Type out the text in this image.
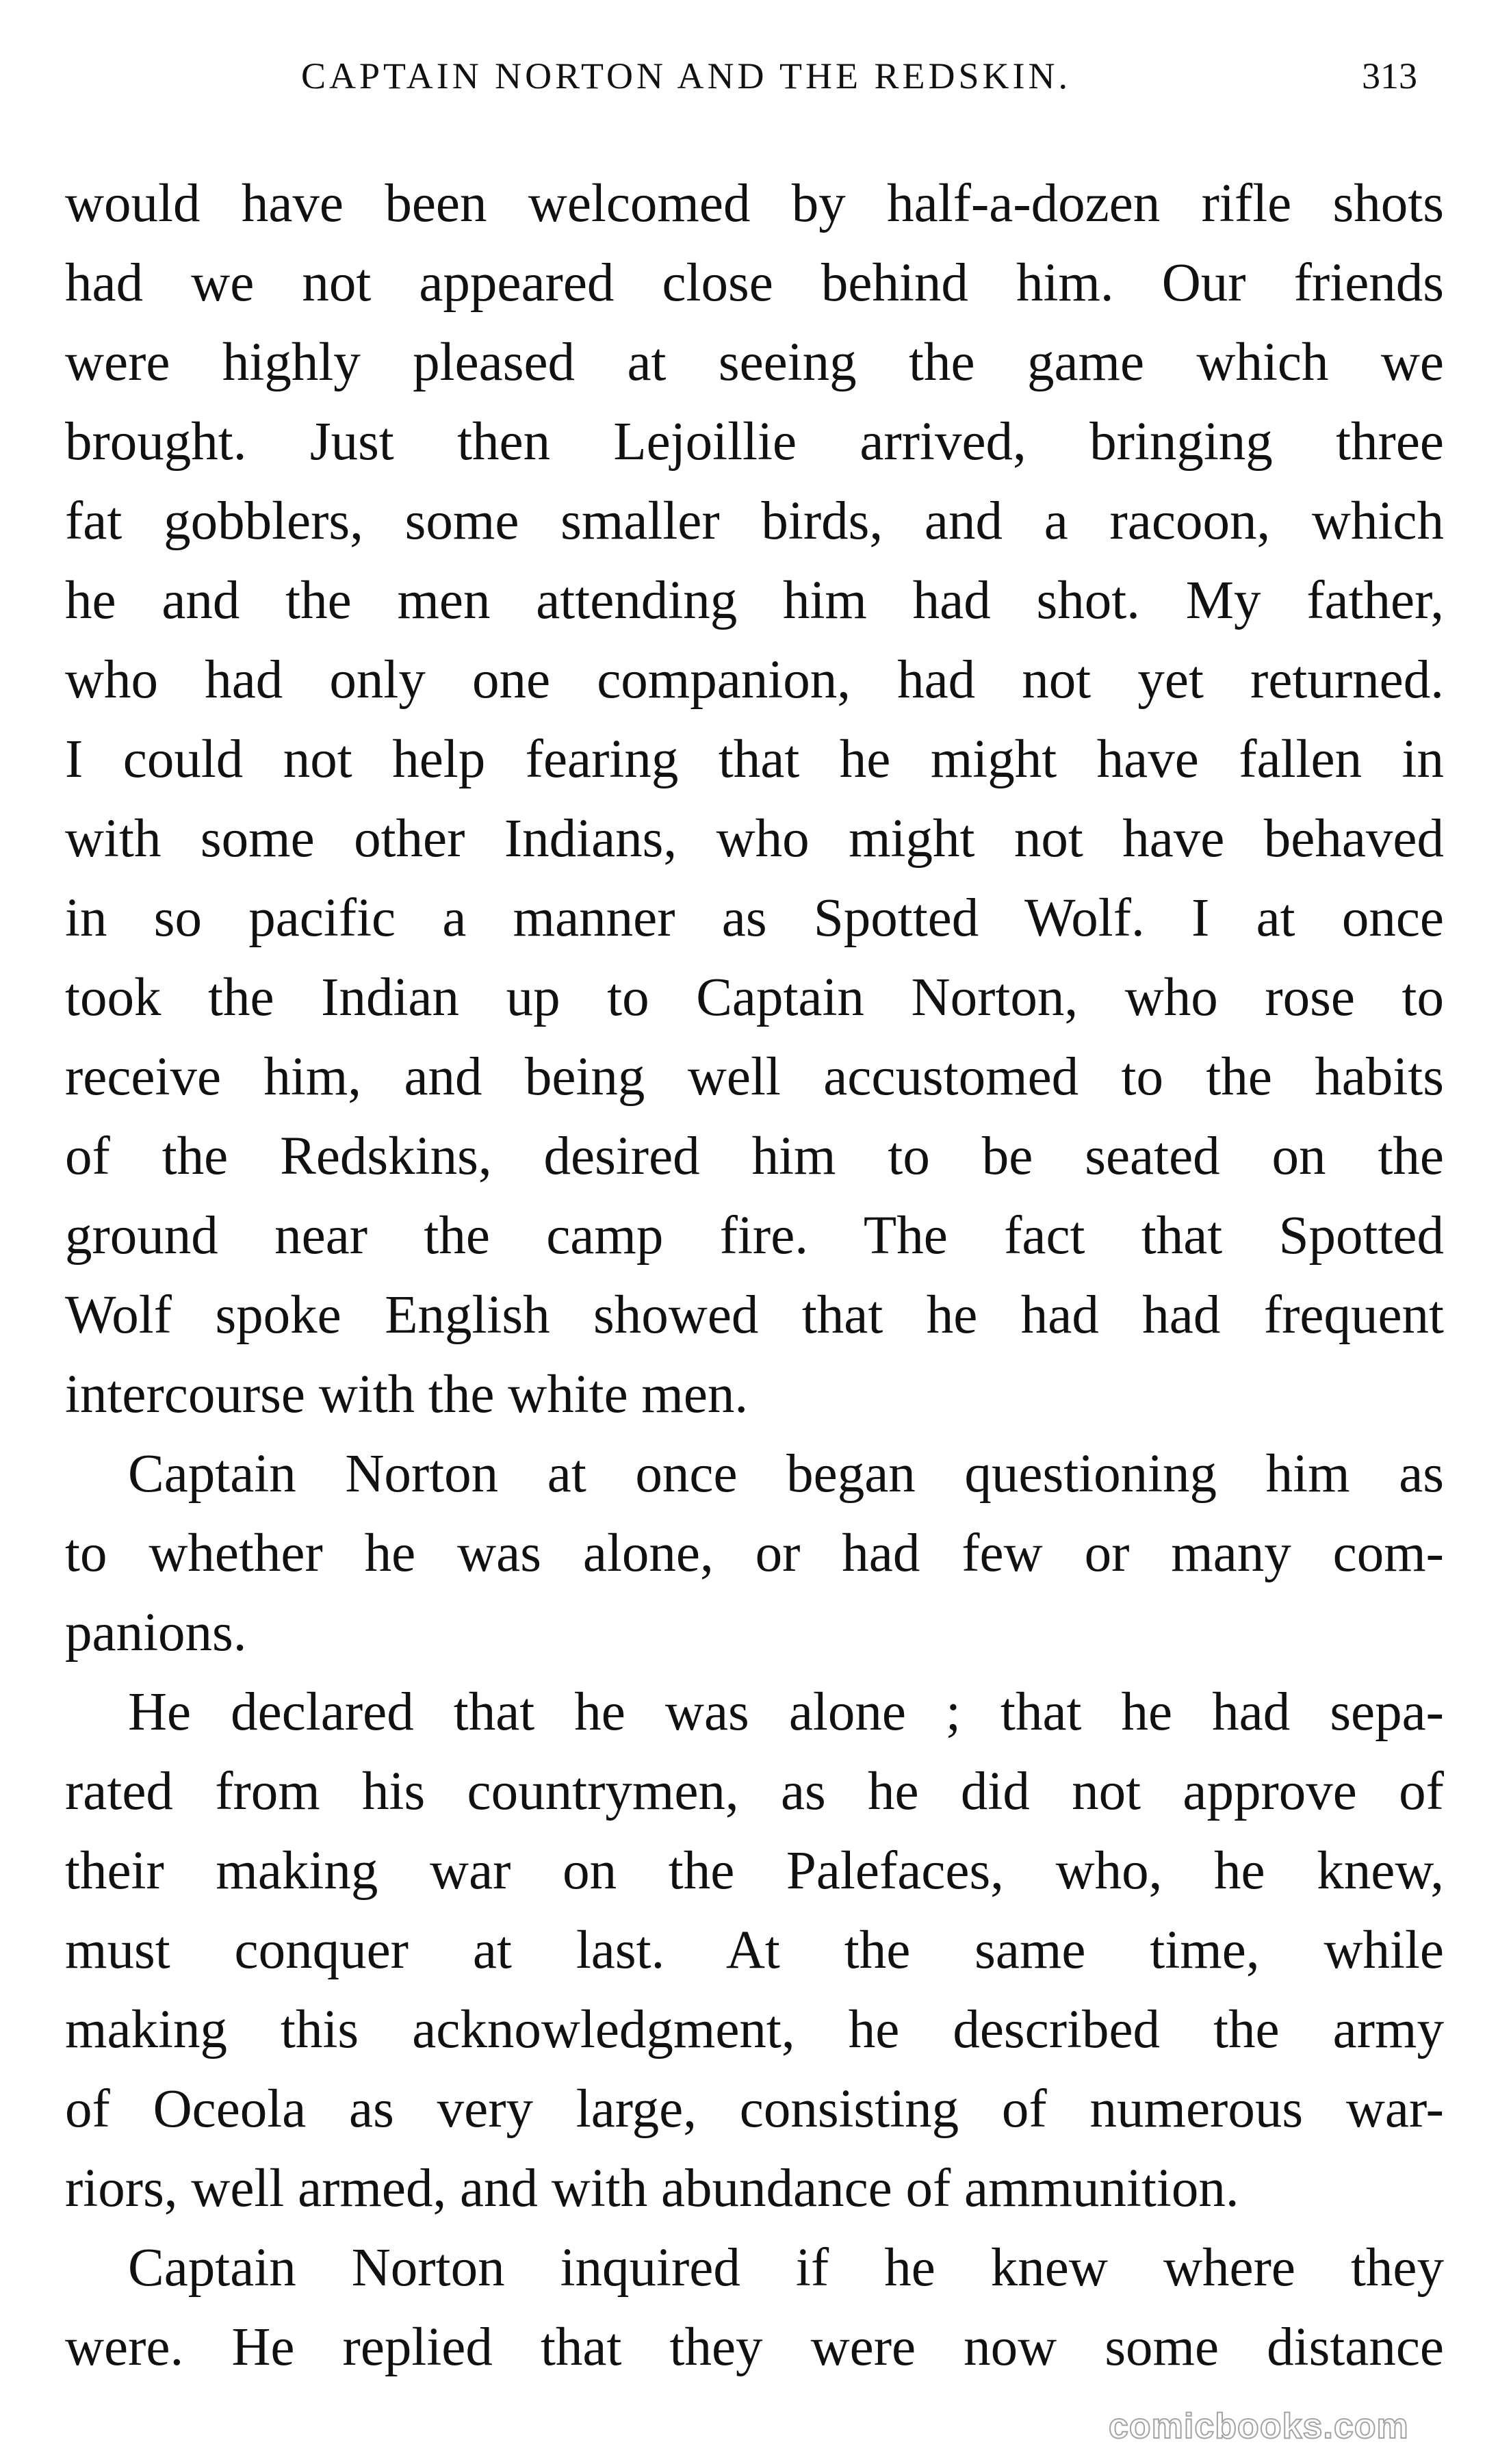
CAPTAIN NORTON AND THE REDSKIN.	313
would have been welcomed by half-a-dozen rifle shots
had we not appeared close behind him. Our friends
were highly pleased at seeing the game which we
brought. Just then Lejoillie arrived, bringing three
fat gobblers, some smaller birds, and a racoon, which
he and the men attending him had shot. My father,
who had only one companion, had not yet returned.
I could not help fearing that he might have fallen in
with some other Indians, who might not have behaved
in so pacific a manner as Spotted Wolf. I at once
took the Indian up to Captain Norton, who rose to
receive him, and being well accustomed to the habits
of the Redskins, desired him to be seated on the
ground near the camp fire. The fact that Spotted
Wolf spoke English showed that he had had frequent
intercourse with the white men.
Captain Norton at once began questioning him as
to whether he was alone, or had few or many com-
panions.
He declared that he was alone ; that he had sepa-
rated from his countrymen, as he did not approve of
their making war on the Palefaces, who, he knew,
must conquer at last. At the same time, while
making this acknowledgment, he described the army
of Oceola as very large, consisting of numerous war-
riors, well armed, and with abundance of ammunition.
Captain Norton inquired if he knew where they
were. He replied that they were now some distance
comicbooks.com
